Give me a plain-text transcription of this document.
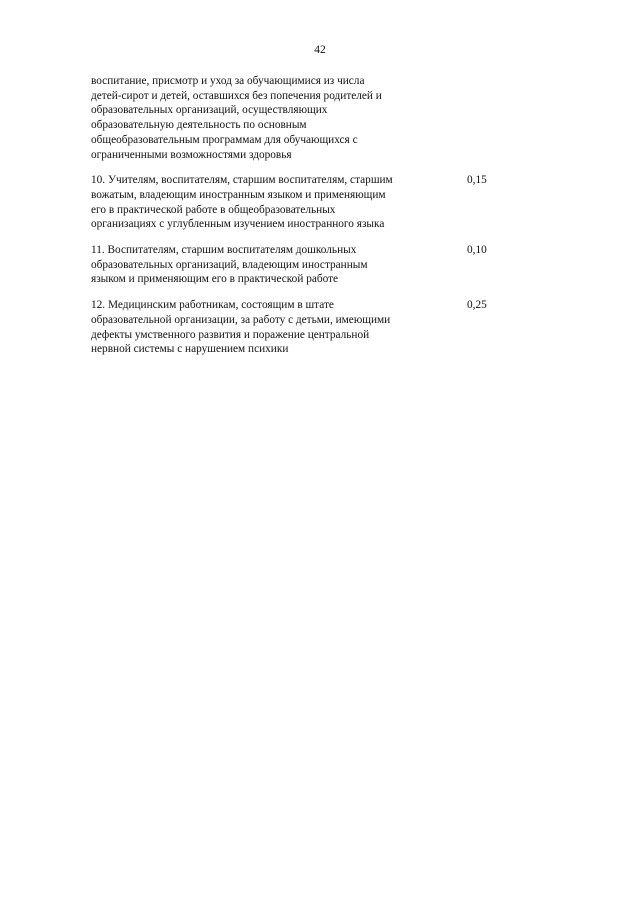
42
воспитание, присмотр и уход за обучающимися из числа
детей-сирот и детей, оставшихся без попечения родителей и
образовательных организаций, осуществляющих
образовательную деятельность по основным
общеобразовательным программам для обучающихся с
ограниченными возможностями здоровья
10. Учителям, воспитателям, старшим воспитателям, старшим
вожатым, владеющим иностранным языком и применяющим
его в практической работе в общеобразовательных
организациях с углубленным изучением иностранного языка
0,15
11. Воспитателям, старшим воспитателям дошкольных
образовательных организаций, владеющим иностранным
языком и применяющим его в практической работе
0,10
12. Медицинским работникам, состоящим в штате
образовательной организации, за работу с детьми, имеющими
дефекты умственного развития и поражение центральной
нервной системы с нарушением психики
0,25
